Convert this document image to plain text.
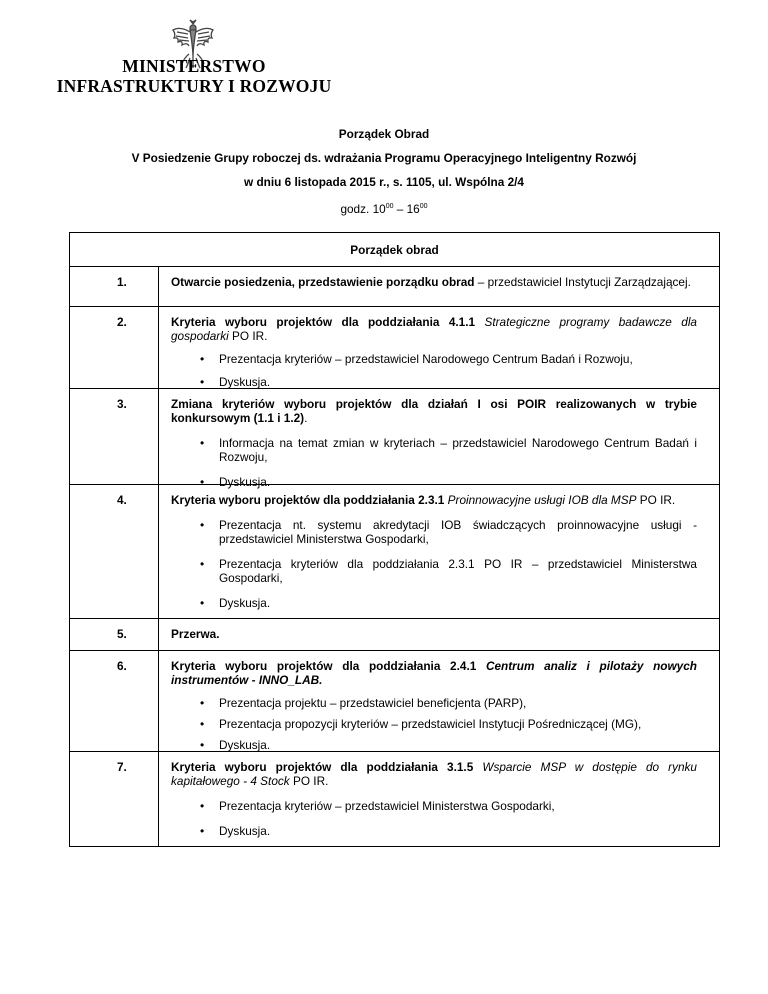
MINISTERSTWO
INFRASTRUKTURY I ROZWOJU
Porządek Obrad
V Posiedzenie Grupy roboczej ds. wdrażania Programu Operacyjnego Inteligentny Rozwój
w dniu 6 listopada 2015 r., s. 1105, ul. Wspólna 2/4
godz. $10^{00} - 16^{00}$
Porządek obrad
1.	Otwarcie posiedzenia, przedstawienie porządku obrad – przedstawiciel Instytucji Zarządzającej.
2.	Kryteria wyboru projektów dla poddziałania 4.1.1 Strategiczne programy badawcze dla gospodarki PO IR.
• Prezentacja kryteriów – przedstawiciel Narodowego Centrum Badań i Rozwoju,
• Dyskusja.
3.	Zmiana kryteriów wyboru projektów dla działań I osi POIR realizowanych w trybie konkursowym (1.1 i 1.2).
• Informacja na temat zmian w kryteriach – przedstawiciel Narodowego Centrum Badań i Rozwoju,
• Dyskusja.
4.	Kryteria wyboru projektów dla poddziałania 2.3.1 Proinnowacyjne usługi IOB dla MSP PO IR.
• Prezentacja nt. systemu akredytacji IOB świadczących proinnowacyjne usługi - przedstawiciel Ministerstwa Gospodarki,
• Prezentacja kryteriów dla poddziałania 2.3.1 PO IR – przedstawiciel Ministerstwa Gospodarki,
• Dyskusja.
5.	Przerwa.
6.	Kryteria wyboru projektów dla poddziałania 2.4.1 Centrum analiz i pilotaży nowych instrumentów - INNO_LAB.
• Prezentacja projektu – przedstawiciel beneficjenta (PARP),
• Prezentacja propozycji kryteriów – przedstawiciel Instytucji Pośredniczącej (MG),
• Dyskusja.
7.	Kryteria wyboru projektów dla poddziałania 3.1.5 Wsparcie MSP w dostępie do rynku kapitałowego - 4 Stock PO IR.
• Prezentacja kryteriów – przedstawiciel Ministerstwa Gospodarki,
• Dyskusja.
